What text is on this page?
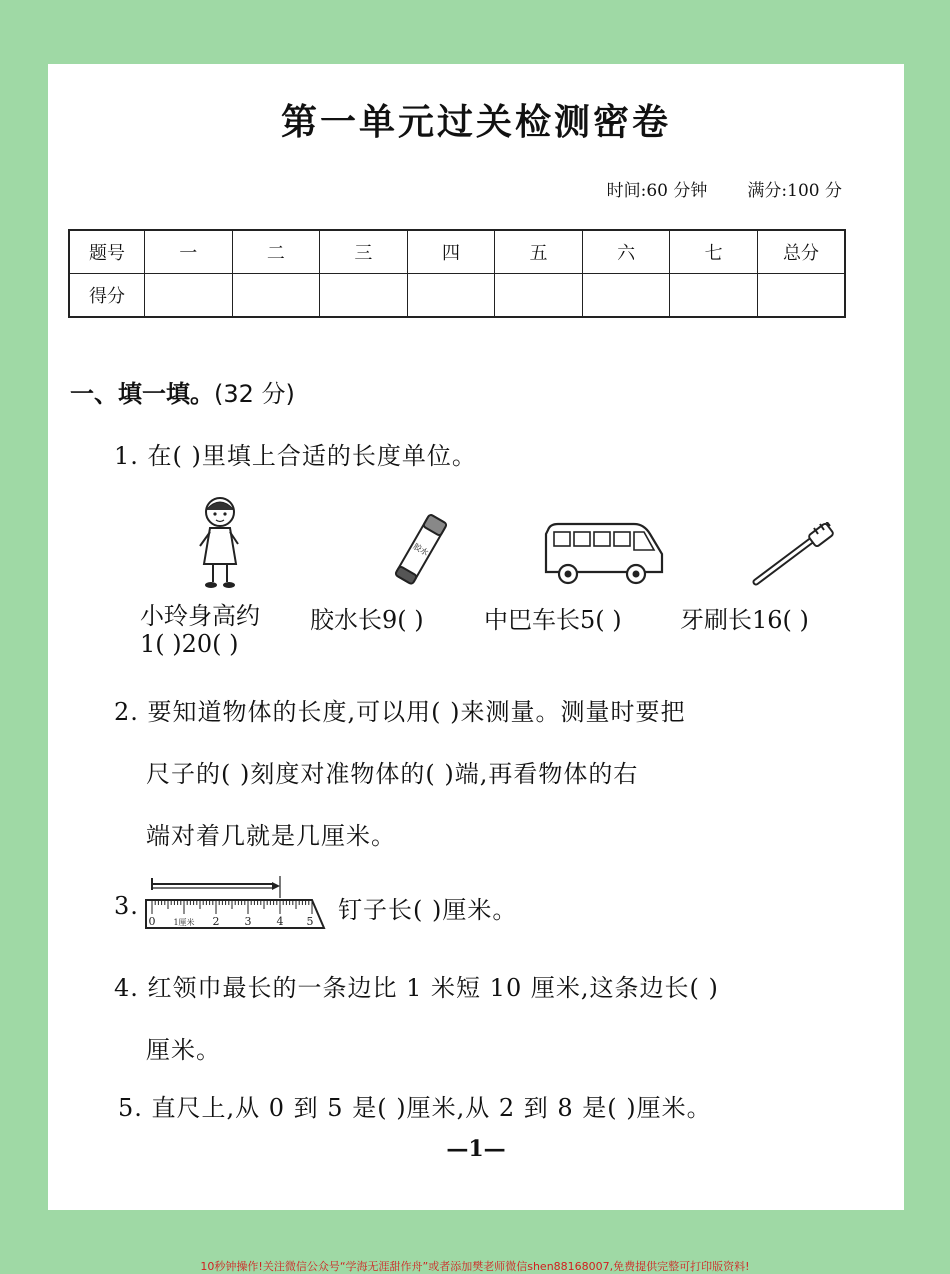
第一单元过关检测密卷
时间:60 分钟 满分:100 分
题号	一	二	三	四	五	六	七	总分
得分								
一、填一填。(32 分)
1. 在( )里填上合适的长度单位。
胶水
小玲身高约
1( )20( )
胶水长9( )	中巴车长5( ) 牙刷长16( )
2. 要知道物体的长度,可以用( )来测量。测量时要把
尺子的( )刻度对准物体的( )端,再看物体的右
端对着几就是几厘米。
3.
0 1厘米 2 3 4 5 钉子长( )厘米。
4. 红领巾最长的一条边比 1 米短 10 厘米,这条边长( )
厘米。
5. 直尺上,从 0 到 5 是( )厘米,从 2 到 8 是( )厘米。
—1—
10秒钟操作!关注微信公众号“学海无涯甜作舟”或者添加樊老师微信shen88168007,免费提供完整可打印版资料!
